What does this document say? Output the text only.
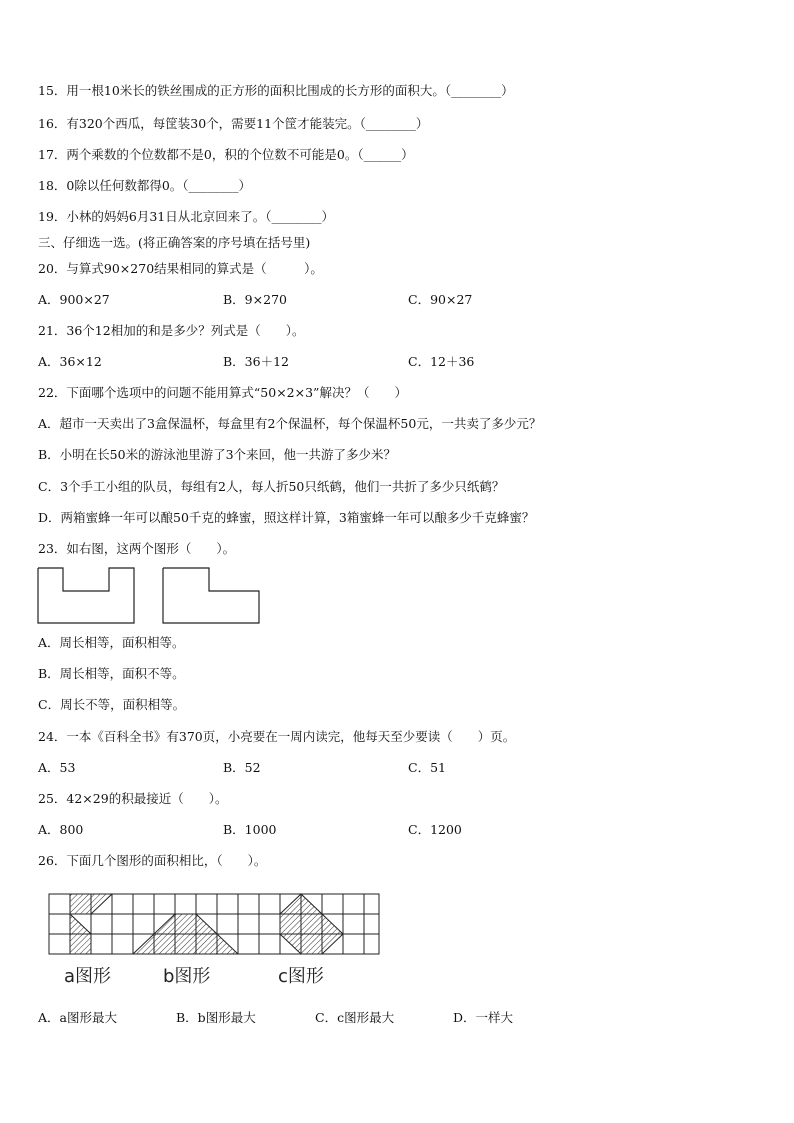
15．用一根10米长的铁丝围成的正方形的面积比围成的长方形的面积大。（________）
16．有320个西瓜，每筐装30个，需要11个筐才能装完。（________）
17．两个乘数的个位数都不是0，积的个位数不可能是0。（______）
18．0除以任何数都得0。（________）
19．小林的妈妈6月31日从北京回来了。（________）
三、仔细选一选。(将正确答案的序号填在括号里)
20．与算式90×270结果相同的算式是（　　　）。
A．900×27	B．9×270	C．90×27
21．36个12相加的和是多少？列式是（　　）。
A．36×12	B．36＋12	C．12＋36
22．下面哪个选项中的问题不能用算式“50×2×3”解决？（　　）
A．超市一天卖出了3盒保温杯，每盒里有2个保温杯，每个保温杯50元，一共卖了多少元？
B．小明在长50米的游泳池里游了3个来回，他一共游了多少米？
C．3个手工小组的队员，每组有2人，每人折50只纸鹤，他们一共折了多少只纸鹤？
D．两箱蜜蜂一年可以酿50千克的蜂蜜，照这样计算，3箱蜜蜂一年可以酿多少千克蜂蜜？
23．如右图，这两个图形（　　）。
A．周长相等，面积相等。
B．周长相等，面积不等。
C．周长不等，面积相等。
24．一本《百科全书》有370页，小亮要在一周内读完，他每天至少要读（　　）页。
A．53	B．52	C．51
25．42×29的积最接近（　　）。
A．800	B．1000	C．1200
26．下面几个图形的面积相比，（　　）。
a图形	b图形	c图形
A．a图形最大	B．b图形最大	C．c图形最大	D．一样大
